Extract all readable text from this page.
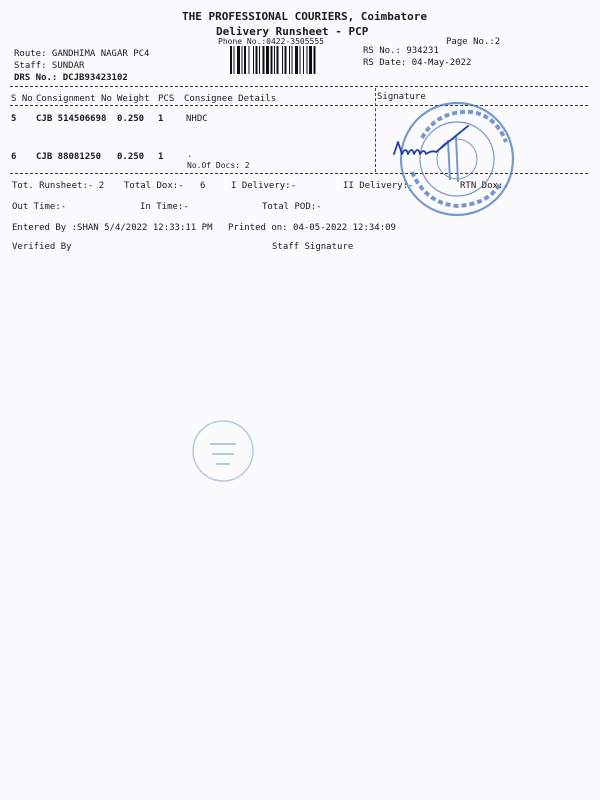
THE PROFESSIONAL COURIERS, Coimbatore
Delivery Runsheet - PCP
Phone No.:0422-3505555	Page No.:2
Route: GANDHIMA NAGAR PC4
Staff: SUNDAR
DRS No.: DCJB93423102
RS No.: 934231
RS Date: 04-May-2022
S No Consignment No Weight PCS Consignee Details	Signature
5 CJB 514506698 0.250 1	NHDC
6 CJB 88081250 0.250 1	.
No.Of Docs: 2
Tot. Runsheet:- 2 Total Dox:- 6	I Delivery:-	II Delivery:-	RTN Dox:-
Out Time:-	In Time:-	Total POD:-
Entered By :SHAN 5/4/2022 12:33:11 PM Printed on: 04-05-2022 12:34:09
Verified By	Staff Signature
